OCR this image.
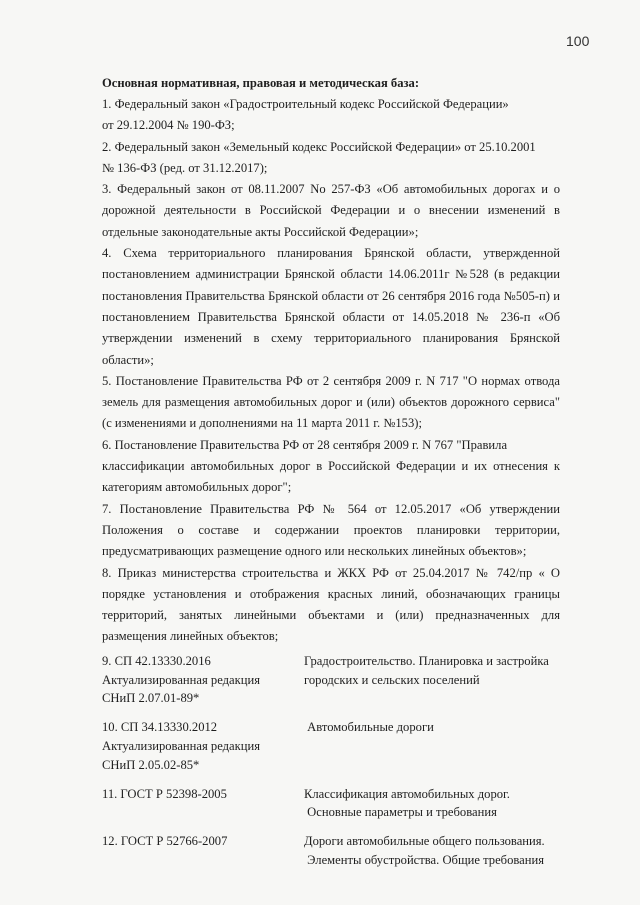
100

Основная нормативная, правовая и методическая база:

1. Федеральный закон «Градостроительный кодекс Российской Федерации»

от 29.12.2004 № 190-ФЗ;

2. Федеральный закон «Земельный кодекс Российской Федерации» от 25.10.2001

№ 136-ФЗ (ред. от 31.12.2017);

3. Федеральный закон от 08.11.2007 No 257-ФЗ «Об автомобильных дорогах и о дорожной деятельности в Российской Федерации и о внесении изменений в отдельные законодательные акты Российской Федерации»;

4. Схема территориального планирования Брянской области, утвержденной постановлением администрации Брянской области 14.06.2011г №528 (в редакции постановления Правительства Брянской области от 26 сентября 2016 года №505-п) и постановлением Правительства Брянской области от 14.05.2018 № 236-п «Об утверждении изменений в схему территориального планирования Брянской области»;

5. Постановление Правительства РФ от 2 сентября 2009 г. N 717 "О нормах отвода земель для размещения автомобильных дорог и (или) объектов дорожного сервиса" (с изменениями и дополнениями на 11 марта 2011 г. №153);

6. Постановление Правительства РФ от 28 сентября 2009 г. N 767 "Правила

классификации автомобильных дорог в Российской Федерации и их отнесения к категориям автомобильных дорог";

7. Постановление Правительства РФ № 564 от 12.05.2017 «Об утверждении Положения о составе и содержании проектов планировки территории, предусматривающих размещение одного или нескольких линейных объектов»;

8. Приказ министерства строительства и ЖКХ РФ от 25.04.2017 № 742/пр « О порядке установления и отображения красных линий, обозначающих границы территорий, занятых линейными объектами и (или) предназначенных для размещения линейных объектов;

9. СП 42.13330.2016
Актуализированная редакция
СНиП 2.07.01-89*
Градостроительство. Планировка и застройка
городских и сельских поселений
10. СП 34.13330.2012
Актуализированная редакция
СНиП 2.05.02-85*
Автомобильные дороги
11. ГОСТ Р 52398-2005	Классификация автомобильных дорог.
Основные параметры и требования
12. ГОСТ Р 52766-2007	Дороги автомобильные общего пользования.
Элементы обустройства. Общие требования
